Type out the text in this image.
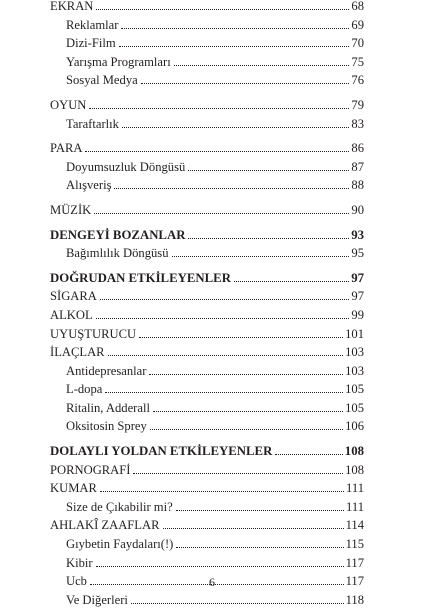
EKRAN	68
Reklamlar	69
Dizi-Film	70
Yarışma Programları	75
Sosyal Medya	76
OYUN	79
Taraftarlık	83
PARA	86
Doyumsuzluk Döngüsü	87
Alışveriş	88
MÜZİK	90
DENGEYİ BOZANLAR	93
Bağımlılık Döngüsü	95
DOĞRUDAN ETKİLEYENLER	97
SİGARA	97
ALKOL	99
UYUŞTURUCU	101
İLAÇLAR	103
Antidepresanlar	103
L-dopa	105
Ritalin, Adderall	105
Oksitosin Sprey	106
DOLAYLI YOLDAN ETKİLEYENLER	108
PORNOGRAFİ	108
KUMAR	111
Size de Çıkabilir mi?	111
AHLAKÎ ZAAFLAR	114
Gıybetin Faydaları(!)	115
Kibir	117
Ucb	117
Ve Diğerleri	118
6
